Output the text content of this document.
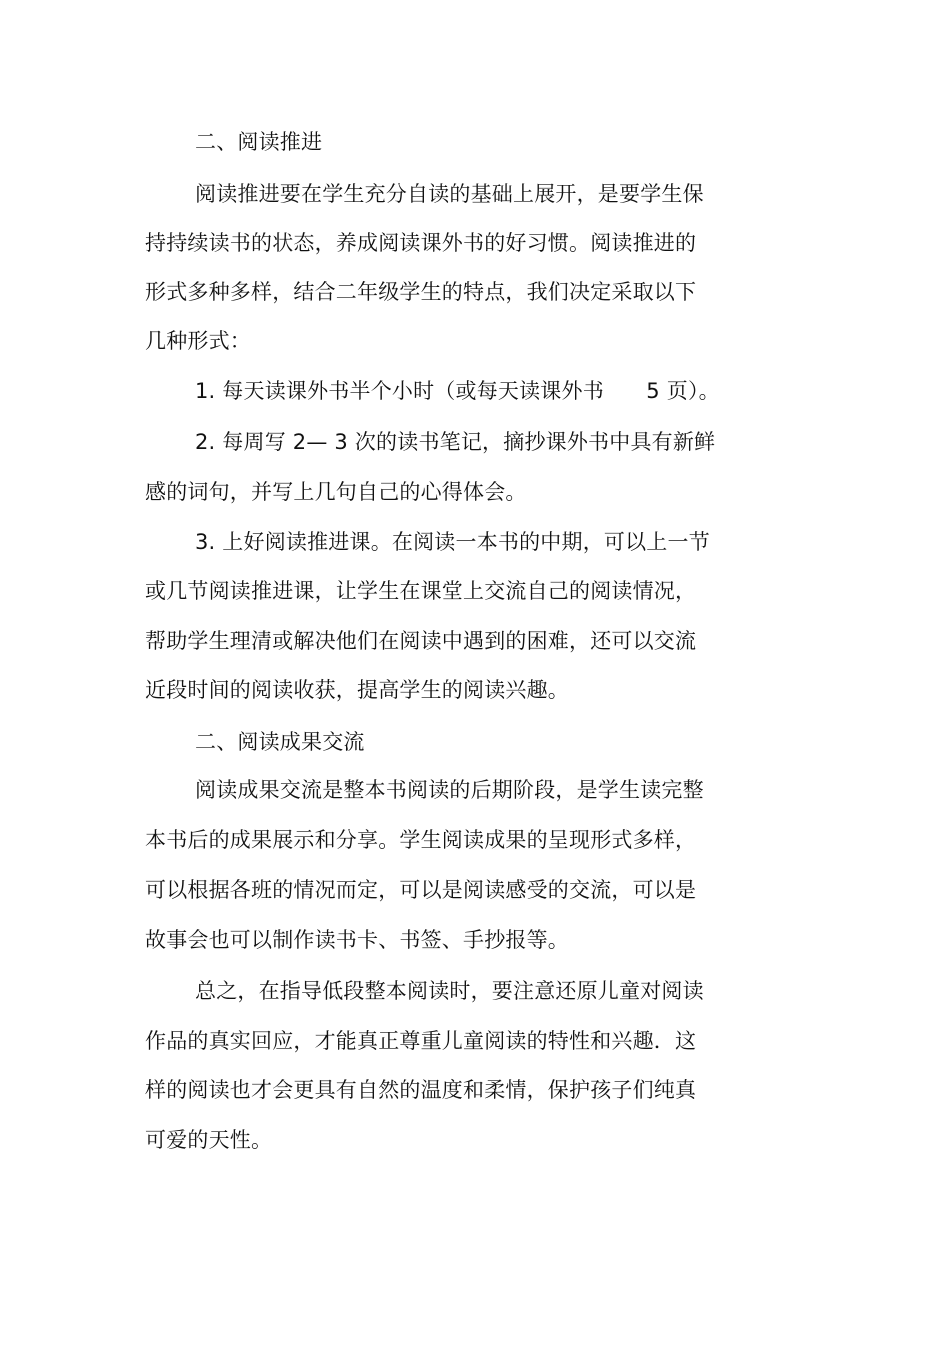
二、阅读推进
阅读推进要在学生充分自读的基础上展开，是要学生保
持持续读书的状态，养成阅读课外书的好习惯。阅读推进的
形式多种多样，结合二年级学生的特点，我们决定采取以下
几种形式：
1. 每天读课外书半个小时（或每天读课外书　　5 页）。
2. 每周写 2— 3 次的读书笔记，摘抄课外书中具有新鲜
感的词句，并写上几句自己的心得体会。
3. 上好阅读推进课。在阅读一本书的中期，可以上一节
或几节阅读推进课，让学生在课堂上交流自己的阅读情况，
帮助学生理清或解决他们在阅读中遇到的困难，还可以交流
近段时间的阅读收获，提高学生的阅读兴趣。
二、阅读成果交流
阅读成果交流是整本书阅读的后期阶段，是学生读完整
本书后的成果展示和分享。学生阅读成果的呈现形式多样，
可以根据各班的情况而定，可以是阅读感受的交流，可以是
故事会也可以制作读书卡、书签、手抄报等。
总之，在指导低段整本阅读时，要注意还原儿童对阅读
作品的真实回应，才能真正尊重儿童阅读的特性和兴趣．这
样的阅读也才会更具有自然的温度和柔情，保护孩子们纯真
可爱的天性。
